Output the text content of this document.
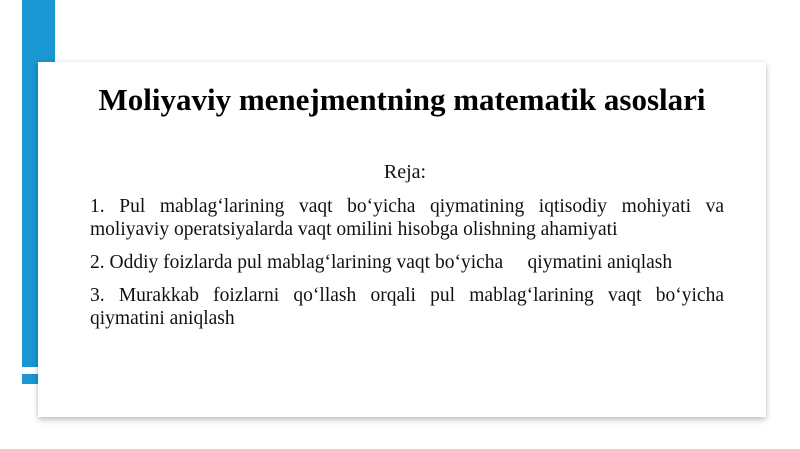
Moliyaviy menejmentning matematik asoslari
Reja:
1. Pul mablag‘larining vaqt bo‘yicha qiymatining iqtisodiy mohiyati va moliyaviy operatsiyalarda vaqt omilini hisobga olishning ahamiyati
2. Oddiy foizlarda pul mablag‘larining vaqt bo‘yicha     qiymatini aniqlash
3. Murakkab foizlarni qo‘llash orqali pul mablag‘larining vaqt bo‘yicha qiymatini aniqlash
